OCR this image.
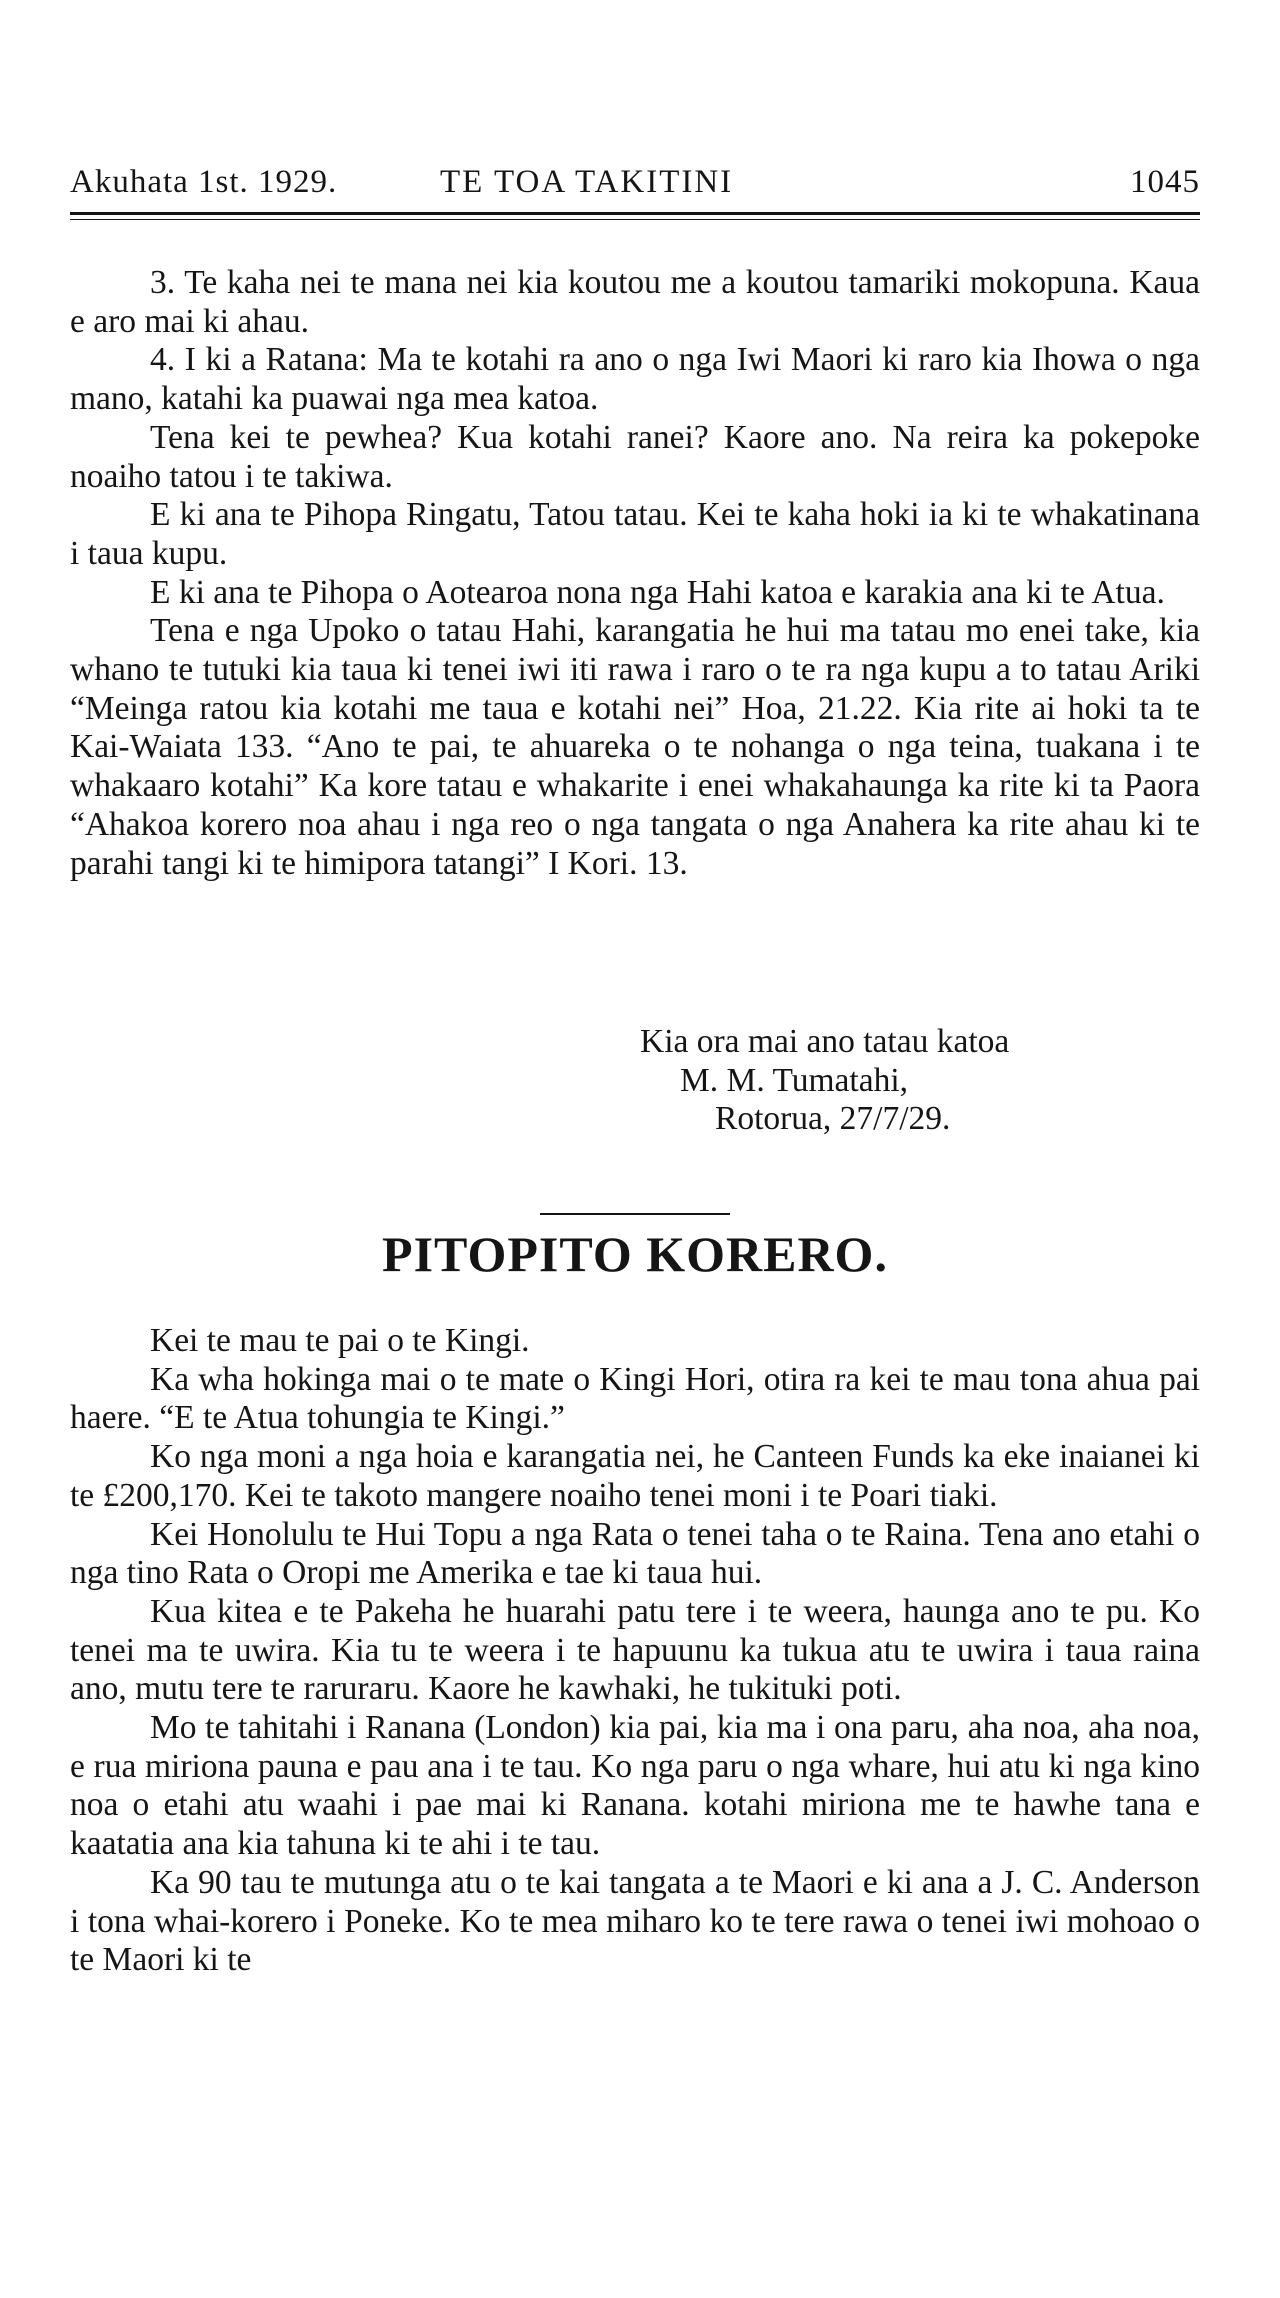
Akuhata 1st. 1929.	TE TOA TAKITINI	1045

3. Te kaha nei te mana nei kia koutou me a koutou tamariki mokopuna. Kaua e aro mai ki ahau.

4. I ki a Ratana: Ma te kotahi ra ano o nga Iwi Maori ki raro kia Ihowa o nga mano, katahi ka puawai nga mea katoa.

Tena kei te pewhea? Kua kotahi ranei? Kaore ano. Na reira ka pokepoke noaiho tatou i te takiwa.

E ki ana te Pihopa Ringatu, Tatou tatau. Kei te kaha hoki ia ki te whakatinana i taua kupu.

E ki ana te Pihopa o Aotearoa nona nga Hahi katoa e karakia ana ki te Atua.

Tena e nga Upoko o tatau Hahi, karangatia he hui ma tatau mo enei take, kia whano te tutuki kia taua ki tenei iwi iti rawa i raro o te ra nga kupu a to tatau Ariki “Meinga ratou kia kotahi me taua e kotahi nei” Hoa, 21.22. Kia rite ai hoki ta te Kai-Waiata 133. “Ano te pai, te ahuareka o te nohanga o nga teina, tuakana i te whakaaro kotahi” Ka kore tatau e whakarite i enei whakahaunga ka rite ki ta Paora “Ahakoa korero noa ahau i nga reo o nga tangata o nga Anahera ka rite ahau ki te parahi tangi ki te himipora tatangi” I Kori. 13.

Kia ora mai ano tatau katoa
M. M. Tumatahi,
Rotorua, 27/7/29.
PITOPITO KORERO.

Kei te mau te pai o te Kingi.

Ka wha hokinga mai o te mate o Kingi Hori, otira ra kei te mau tona ahua pai haere. “E te Atua tohungia te Kingi.”

Ko nga moni a nga hoia e karangatia nei, he Canteen Funds ka eke inaianei ki te £200,170. Kei te takoto mangere noaiho tenei moni i te Poari tiaki.

Kei Honolulu te Hui Topu a nga Rata o tenei taha o te Raina. Tena ano etahi o nga tino Rata o Oropi me Amerika e tae ki taua hui.

Kua kitea e te Pakeha he huarahi patu tere i te weera, haunga ano te pu. Ko tenei ma te uwira. Kia tu te weera i te hapuunu ka tukua atu te uwira i taua raina ano, mutu tere te raruraru. Kaore he kawhaki, he tukituki poti.

Mo te tahitahi i Ranana (London) kia pai, kia ma i ona paru, aha noa, aha noa, e rua miriona pauna e pau ana i te tau. Ko nga paru o nga whare, hui atu ki nga kino noa o etahi atu waahi i pae mai ki Ranana. kotahi miriona me te hawhe tana e kaatatia ana kia tahuna ki te ahi i te tau.

Ka 90 tau te mutunga atu o te kai tangata a te Maori e ki ana a J. C. Anderson i tona whai-korero i Poneke. Ko te mea miharo ko te tere rawa o tenei iwi mohoao o te Maori ki te
